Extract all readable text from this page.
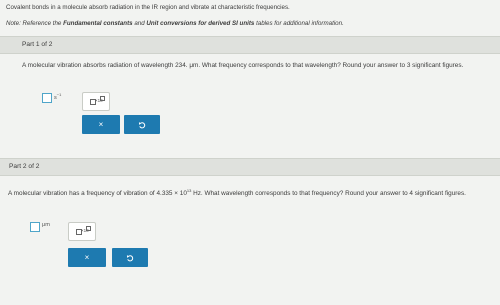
Covalent bonds in a molecule absorb radiation in the IR region and vibrate at characteristic frequencies.

Note: Reference the Fundamental constants and Unit conversions for derived SI units tables for additional information.

Part 1 of 2
A molecular vibration absorbs radiation of wavelength 234. μm. What frequency corresponds to that wavelength? Round your answer to 3 significant figures.
$s^{-1}$
×10
×
Part 2 of 2
A molecular vibration has a frequency of vibration of $4.335 \times 10^{13}$ Hz. What wavelength corresponds to that frequency? Round your answer to 4 significant figures.
μm
×10
×
